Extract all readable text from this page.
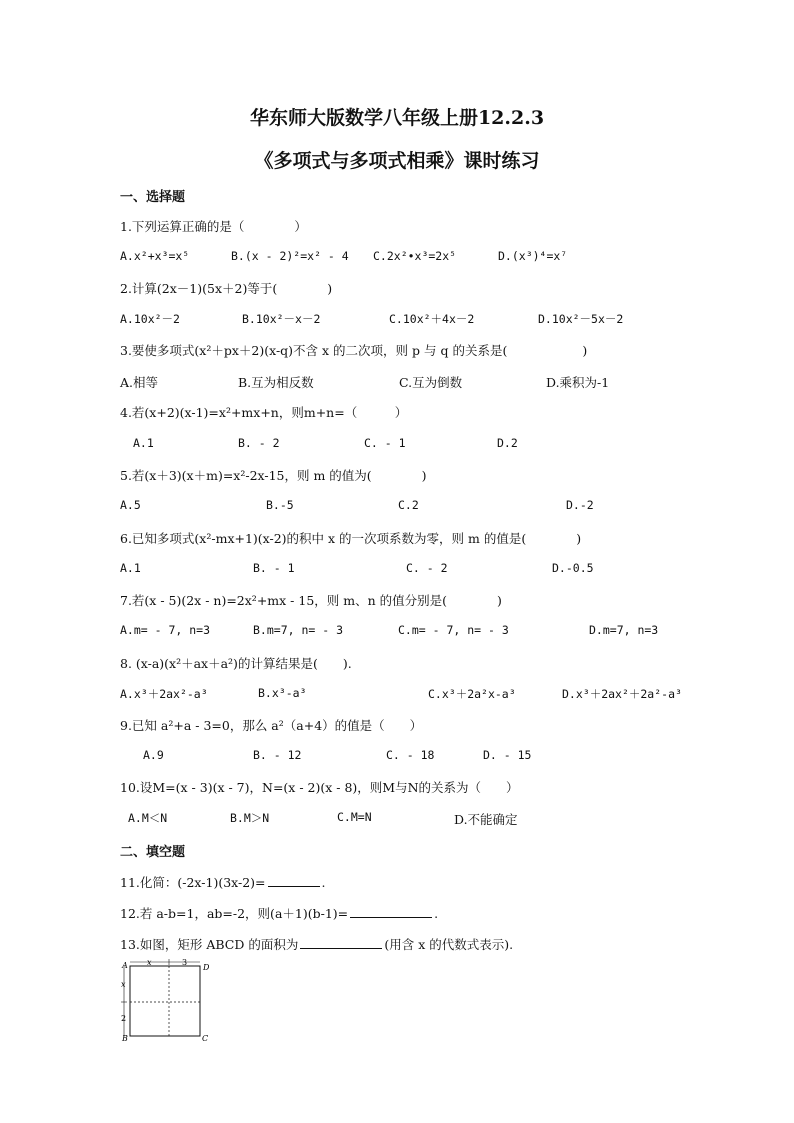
华东师大版数学八年级上册12.2.3
《多项式与多项式相乘》课时练习
一、选择题
1.下列运算正确的是（　　　　）
A.x²+x³=x⁵	B.(x - 2)²=x² - 4 C.2x²•x³=2x⁵	D.(x³)⁴=x⁷
2.计算(2x－1)(5x＋2)等于(　　　　)
A.10x²－2	B.10x²－x－2	C.10x²＋4x－2	D.10x²－5x－2
3.要使多项式(x²＋px＋2)(x-q)不含 x 的二次项，则 p 与 q 的关系是(　　　　　　)
A.相等	B.互为相反数	C.互为倒数	D.乘积为-1
4.若(x+2)(x-1)=x²+mx+n，则m+n=（　　　）
A.1	B. - 2	C. - 1	D.2
5.若(x＋3)(x＋m)=x²-2x-15，则 m 的值为(　　　　)
A.5	B.-5	C.2	D.-2
6.已知多项式(x²-mx+1)(x-2)的积中 x 的一次项系数为零，则 m 的值是(　　　　)
A.1	B. - 1	C. - 2	D.-0.5
7.若(x - 5)(2x - n)=2x²+mx - 15，则 m、n 的值分别是(　　　　)
A.m= - 7, n=3	B.m=7, n= - 3	C.m= - 7, n= - 3	D.m=7, n=3
8. (x-a)(x²＋ax＋a²)的计算结果是(　　).
A.x³＋2ax²-a³	B.x³-a³	C.x³＋2a²x-a³	D.x³＋2ax²＋2a²-a³
9.已知 a²+a - 3=0，那么 a²（a+4）的值是（　　）
A.9	B. - 12	C. - 18	D. - 15
10.设M=(x - 3)(x - 7)，N=(x - 2)(x - 8)，则M与N的关系为（　　）
A.M＜N	B.M＞N	C.M=N	D.不能确定
二、填空题
11.化简：(-2x-1)(3x-2)=	.
12.若 a-b=1，ab=-2，则(a＋1)(b-1)=	.
13.如图，矩形 ABCD 的面积为	(用含 x 的代数式表示).
A	D
B	C
x	3
x
2
